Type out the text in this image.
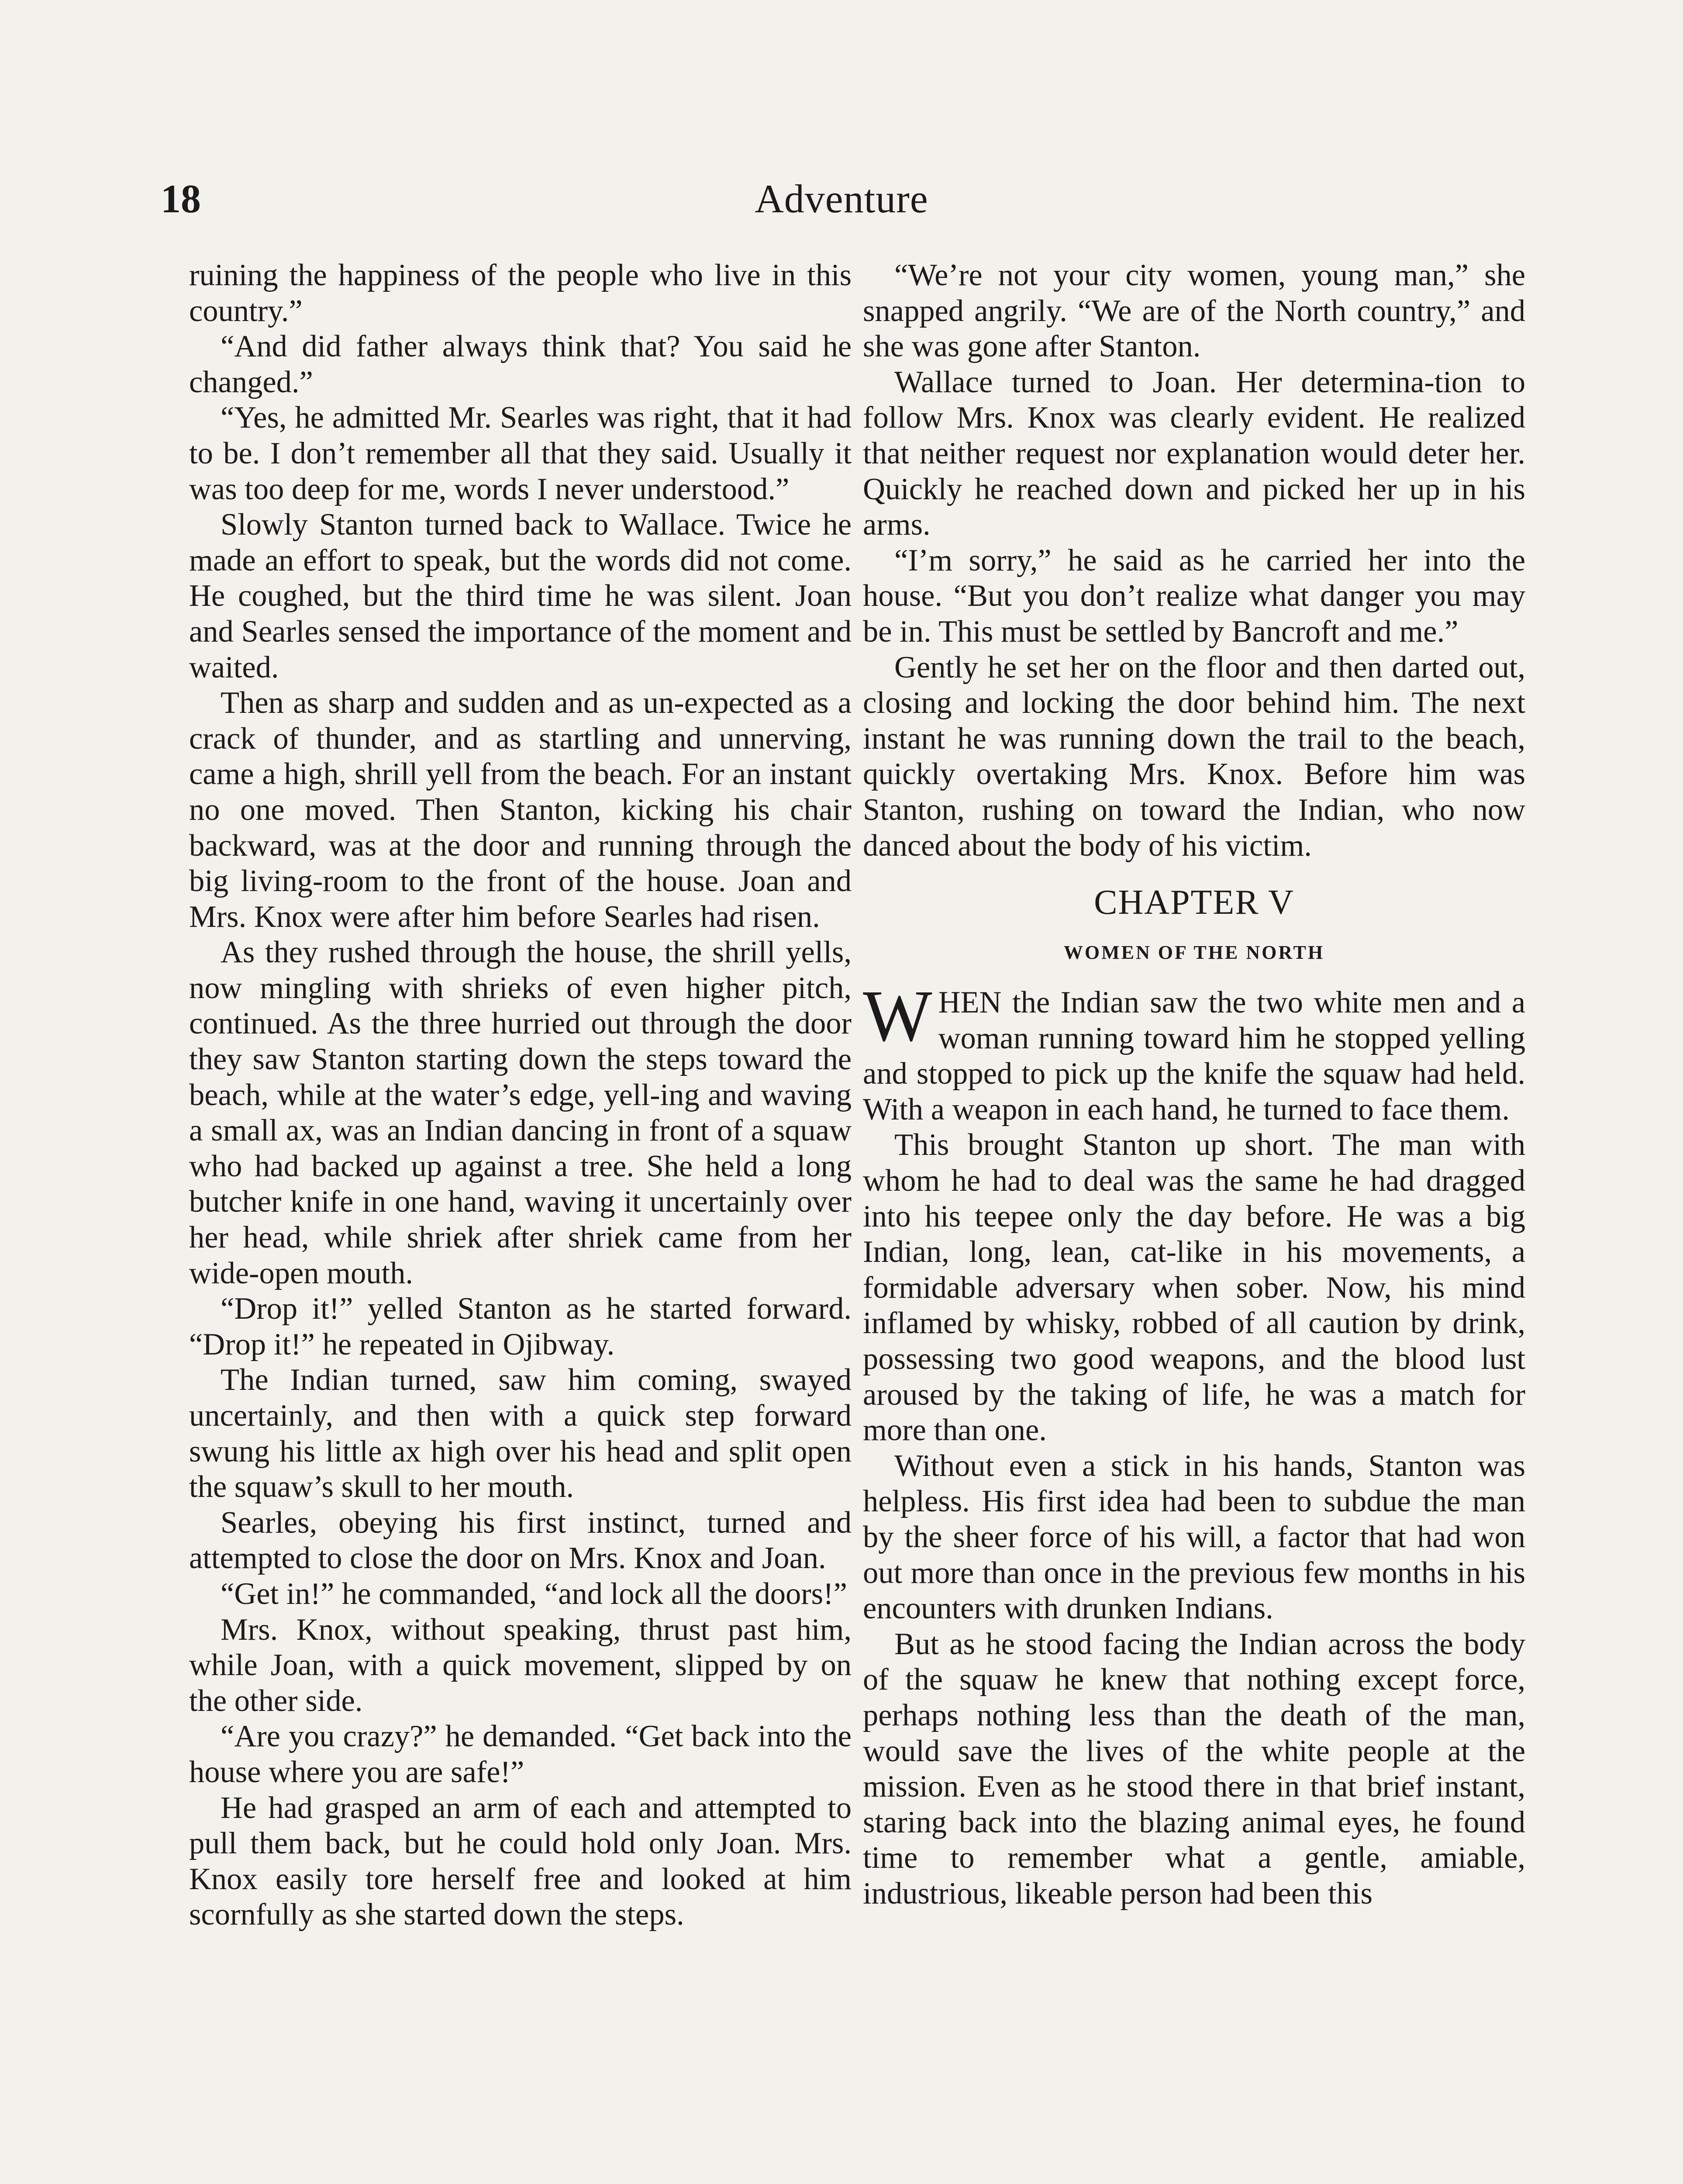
18	Adventure

ruining the happiness of the people who live in this country.”

“And did father always think that? You said he changed.”

“Yes, he admitted Mr. Searles was right, that it had to be. I don’t remember all that they said. Usually it was too deep for me, words I never understood.”

Slowly Stanton turned back to Wallace. Twice he made an effort to speak, but the words did not come. He coughed, but the third time he was silent. Joan and Searles sensed the importance of the moment and waited.

Then as sharp and sudden and as un-expected as a crack of thunder, and as startling and unnerving, came a high, shrill yell from the beach. For an instant no one moved. Then Stanton, kicking his chair backward, was at the door and running through the big living-room to the front of the house. Joan and Mrs. Knox were after him before Searles had risen.

As they rushed through the house, the shrill yells, now mingling with shrieks of even higher pitch, continued. As the three hurried out through the door they saw Stanton starting down the steps toward the beach, while at the water’s edge, yell-ing and waving a small ax, was an Indian dancing in front of a squaw who had backed up against a tree. She held a long butcher knife in one hand, waving it uncertainly over her head, while shriek after shriek came from her wide-open mouth.

“Drop it!” yelled Stanton as he started forward. “Drop it!” he repeated in Ojibway.

The Indian turned, saw him coming, swayed uncertainly, and then with a quick step forward swung his little ax high over his head and split open the squaw’s skull to her mouth.

Searles, obeying his first instinct, turned and attempted to close the door on Mrs. Knox and Joan.

“Get in!” he commanded, “and lock all the doors!”

Mrs. Knox, without speaking, thrust past him, while Joan, with a quick movement, slipped by on the other side.

“Are you crazy?” he demanded. “Get back into the house where you are safe!”

He had grasped an arm of each and attempted to pull them back, but he could hold only Joan. Mrs. Knox easily tore herself free and looked at him scornfully as she started down the steps.

“We’re not your city women, young man,” she snapped angrily. “We are of the North country,” and she was gone after Stanton.

Wallace turned to Joan. Her determina-tion to follow Mrs. Knox was clearly evident. He realized that neither request nor explanation would deter her. Quickly he reached down and picked her up in his arms.

“I’m sorry,” he said as he carried her into the house. “But you don’t realize what danger you may be in. This must be settled by Bancroft and me.”

Gently he set her on the floor and then darted out, closing and locking the door behind him. The next instant he was running down the trail to the beach, quickly overtaking Mrs. Knox. Before him was Stanton, rushing on toward the Indian, who now danced about the body of his victim.

CHAPTER V
WOMEN OF THE NORTH

WHEN the Indian saw the two white men and a woman running toward him he stopped yelling and stopped to pick up the knife the squaw had held. With a weapon in each hand, he turned to face them.

This brought Stanton up short. The man with whom he had to deal was the same he had dragged into his teepee only the day before. He was a big Indian, long, lean, cat-like in his movements, a formidable adversary when sober. Now, his mind inflamed by whisky, robbed of all caution by drink, possessing two good weapons, and the blood lust aroused by the taking of life, he was a match for more than one.

Without even a stick in his hands, Stanton was helpless. His first idea had been to subdue the man by the sheer force of his will, a factor that had won out more than once in the previous few months in his encounters with drunken Indians.

But as he stood facing the Indian across the body of the squaw he knew that nothing except force, perhaps nothing less than the death of the man, would save the lives of the white people at the mission. Even as he stood there in that brief instant, staring back into the blazing animal eyes, he found time to remember what a gentle, amiable, industrious, likeable person had been this
